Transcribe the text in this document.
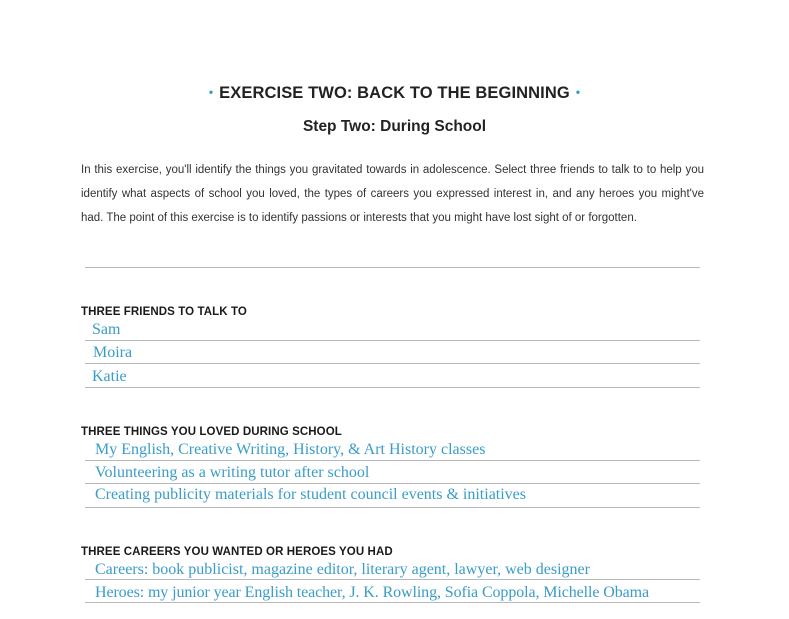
• EXERCISE TWO: BACK TO THE BEGINNING •
Step Two: During School
In this exercise, you'll identify the things you gravitated towards in adolescence. Select three friends to talk to to help you identify what aspects of school you loved, the types of careers you expressed interest in, and any heroes you might've had. The point of this exercise is to identify passions or interests that you might have lost sight of or forgotten.
THREE FRIENDS TO TALK TO
Sam
Moira
Katie
THREE THINGS YOU LOVED DURING SCHOOL
My English, Creative Writing, History, & Art History classes
Volunteering as a writing tutor after school
Creating publicity materials for student council events & initiatives
THREE CAREERS YOU WANTED OR HEROES YOU HAD
Careers: book publicist, magazine editor, literary agent, lawyer, web designer
Heroes: my junior year English teacher, J. K. Rowling, Sofia Coppola, Michelle Obama
